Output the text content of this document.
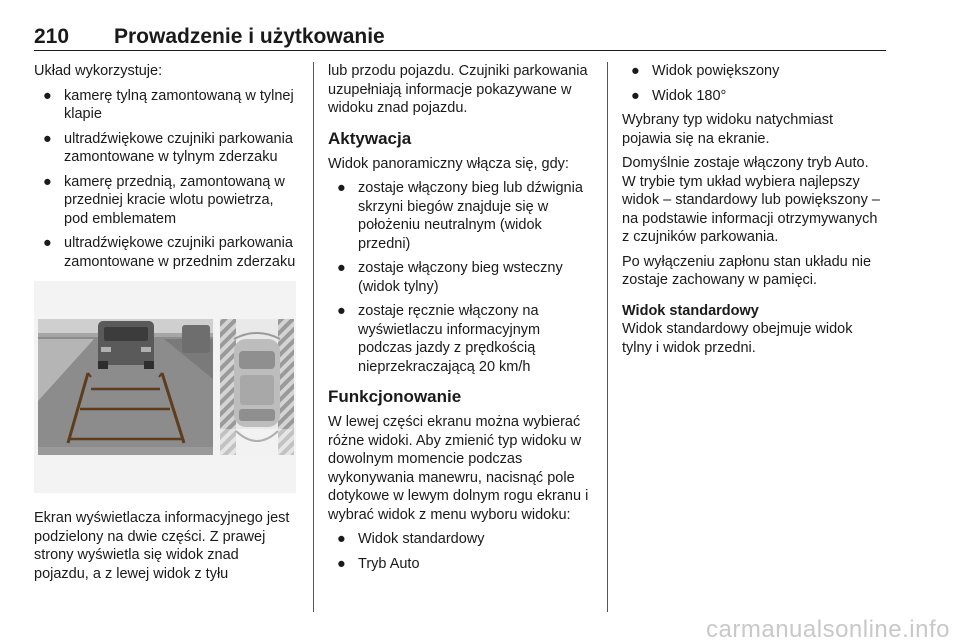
210 Prowadzenie i użytkowanie

Układ wykorzystuje:

● kamerę tylną zamontowaną w tylnej klapie
● ultradźwiękowe czujniki parkowania zamontowane w tylnym zderzaku
● kamerę przednią, zamontowaną w przedniej kracie wlotu powietrza, pod emblematem
● ultradźwiękowe czujniki parkowania zamontowane w przednim zderzaku

Ekran wyświetlacza informacyjnego jest podzielony na dwie części. Z prawej strony wyświetla się widok znad pojazdu, a z lewej widok z tyłu

lub przodu pojazdu. Czujniki parkowania uzupełniają informacje pokazywane w widoku znad pojazdu.

Aktywacja

Widok panoramiczny włącza się, gdy:

● zostaje włączony bieg lub dźwignia skrzyni biegów znajduje się w położeniu neutralnym (widok przedni)
● zostaje włączony bieg wsteczny (widok tylny)
● zostaje ręcznie włączony na wyświetlaczu informacyjnym podczas jazdy z prędkością nieprzekraczającą 20 km/h
Funkcjonowanie

W lewej części ekranu można wybierać różne widoki. Aby zmienić typ widoku w dowolnym momencie podczas wykonywania manewru, nacisnąć pole dotykowe w lewym dolnym rogu ekranu i wybrać widok z menu wyboru widoku:

● Widok standardowy
● Tryb Auto
● Widok powiększony
● Widok 180°

Wybrany typ widoku natychmiast pojawia się na ekranie.

Domyślnie zostaje włączony tryb Auto. W trybie tym układ wybiera najlepszy widok – standardowy lub powiększony – na podstawie informacji otrzymywanych z czujników parkowania.

Po wyłączeniu zapłonu stan układu nie zostaje zachowany w pamięci.

Widok standardowy

Widok standardowy obejmuje widok tylny i widok przedni.

carmanualsonline.info
